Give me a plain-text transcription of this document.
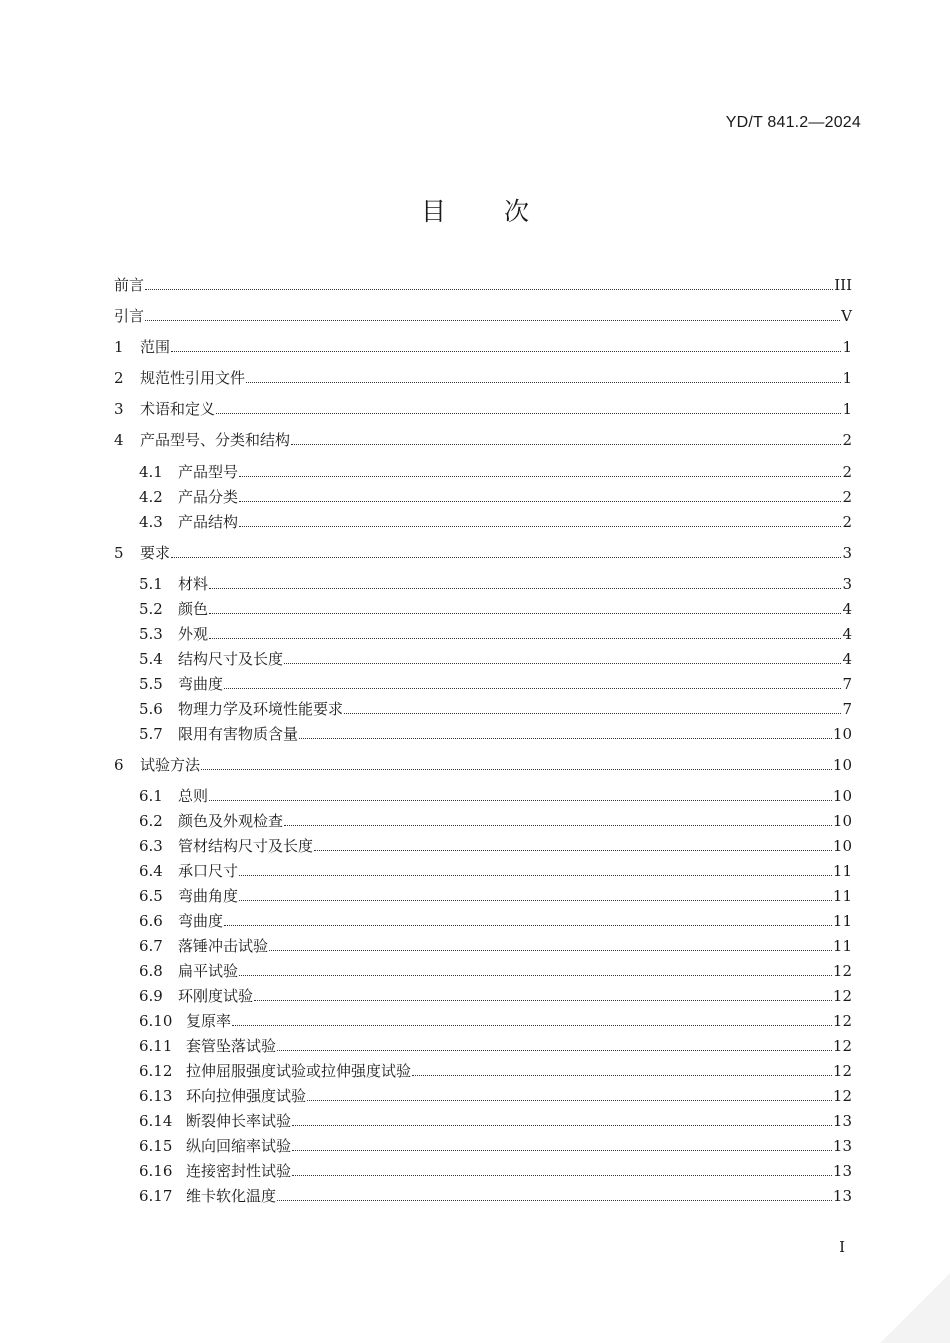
YD/T 841.2—2024
目次
前言	III
引言	V
1	范围	1
2	规范性引用文件	1
3	术语和定义	1
4	产品型号、分类和结构	2
4.1	产品型号	2
4.2	产品分类	2
4.3	产品结构	2
5	要求	3
5.1	材料	3
5.2	颜色	4
5.3	外观	4
5.4	结构尺寸及长度	4
5.5	弯曲度	7
5.6	物理力学及环境性能要求	7
5.7	限用有害物质含量	10
6	试验方法	10
6.1	总则	10
6.2	颜色及外观检查	10
6.3	管材结构尺寸及长度	10
6.4	承口尺寸	11
6.5	弯曲角度	11
6.6	弯曲度	11
6.7	落锤冲击试验	11
6.8	扁平试验	12
6.9	环刚度试验	12
6.10 复原率	12
6.11 套管坠落试验	12
6.12 拉伸屈服强度试验或拉伸强度试验	12
6.13 环向拉伸强度试验	12
6.14 断裂伸长率试验	13
6.15 纵向回缩率试验	13
6.16 连接密封性试验	13
6.17 维卡软化温度	13
I
